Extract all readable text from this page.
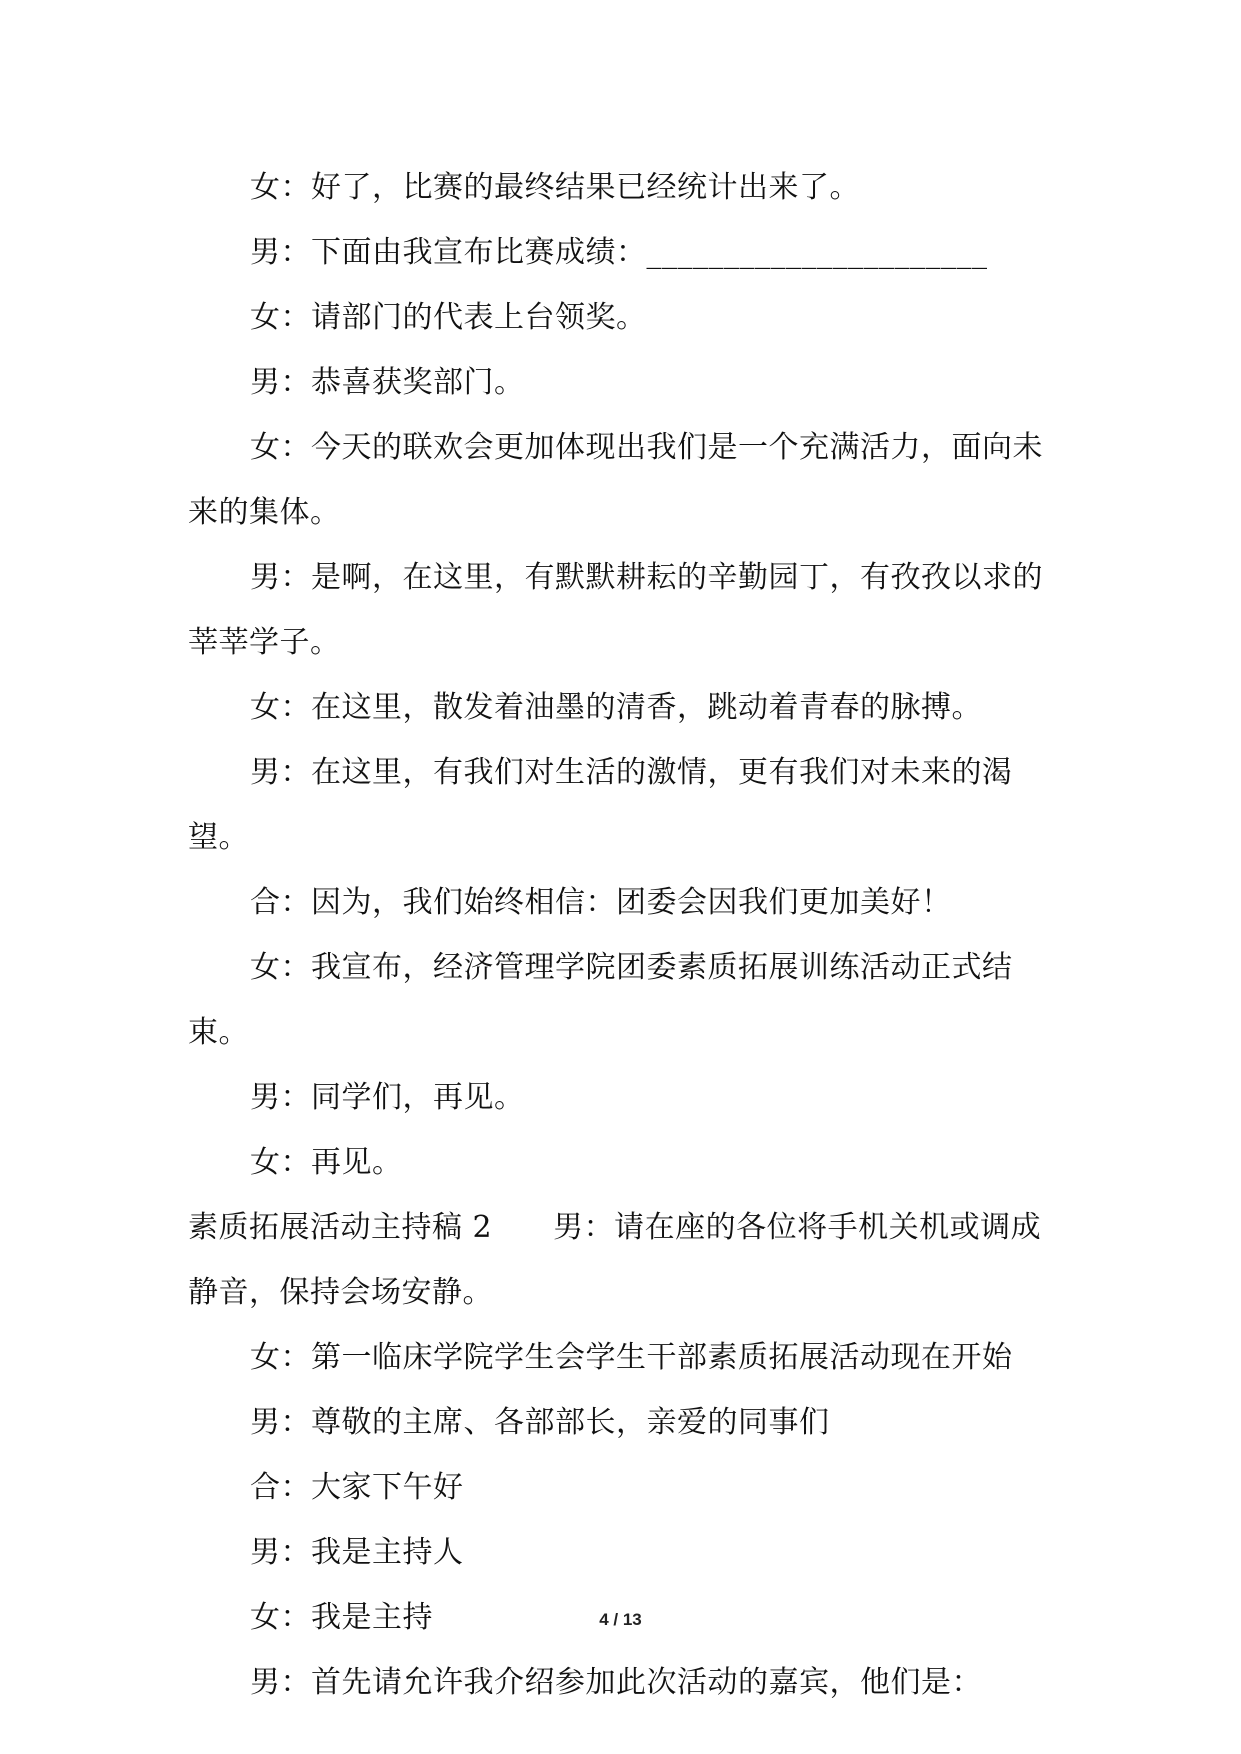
女：好了，比赛的最终结果已经统计出来了。

男：下面由我宣布比赛成绩：______________________

女：请部门的代表上台领奖。

男：恭喜获奖部门。

女：今天的联欢会更加体现出我们是一个充满活力，面向未来的集体。

男：是啊，在这里，有默默耕耘的辛勤园丁，有孜孜以求的莘莘学子。

女：在这里，散发着油墨的清香，跳动着青春的脉搏。

男：在这里，有我们对生活的激情，更有我们对未来的渴望。

合：因为，我们始终相信：团委会因我们更加美好！

女：我宣布，经济管理学院团委素质拓展训练活动正式结束。

男：同学们，再见。

女：再见。

素质拓展活动主持稿 2　　男：请在座的各位将手机关机或调成静音，保持会场安静。

女：第一临床学院学生会学生干部素质拓展活动现在开始

男：尊敬的主席、各部部长，亲爱的同事们

合：大家下午好

男：我是主持人

女：我是主持

男：首先请允许我介绍参加此次活动的嘉宾，他们是：

4 / 13
